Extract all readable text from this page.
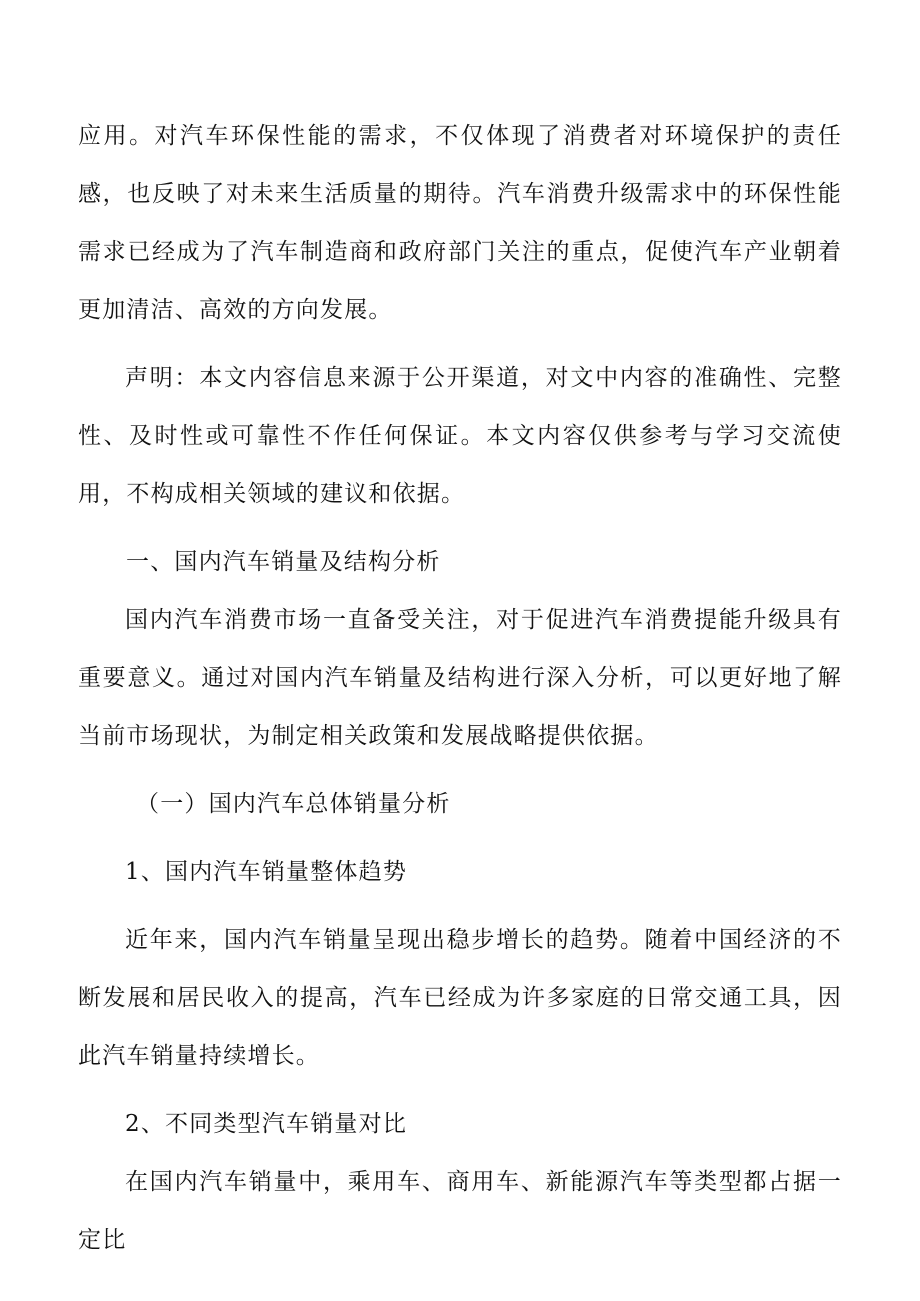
应用。对汽车环保性能的需求，不仅体现了消费者对环境保护的责任感，也反映了对未来生活质量的期待。汽车消费升级需求中的环保性能需求已经成为了汽车制造商和政府部门关注的重点，促使汽车产业朝着更加清洁、高效的方向发展。

声明：本文内容信息来源于公开渠道，对文中内容的准确性、完整性、及时性或可靠性不作任何保证。本文内容仅供参考与学习交流使用，不构成相关领域的建议和依据。

一、国内汽车销量及结构分析

国内汽车消费市场一直备受关注，对于促进汽车消费提能升级具有重要意义。通过对国内汽车销量及结构进行深入分析，可以更好地了解当前市场现状，为制定相关政策和发展战略提供依据。

（一）国内汽车总体销量分析

1、国内汽车销量整体趋势

近年来，国内汽车销量呈现出稳步增长的趋势。随着中国经济的不断发展和居民收入的提高，汽车已经成为许多家庭的日常交通工具，因此汽车销量持续增长。

2、不同类型汽车销量对比

在国内汽车销量中，乘用车、商用车、新能源汽车等类型都占据一定比
